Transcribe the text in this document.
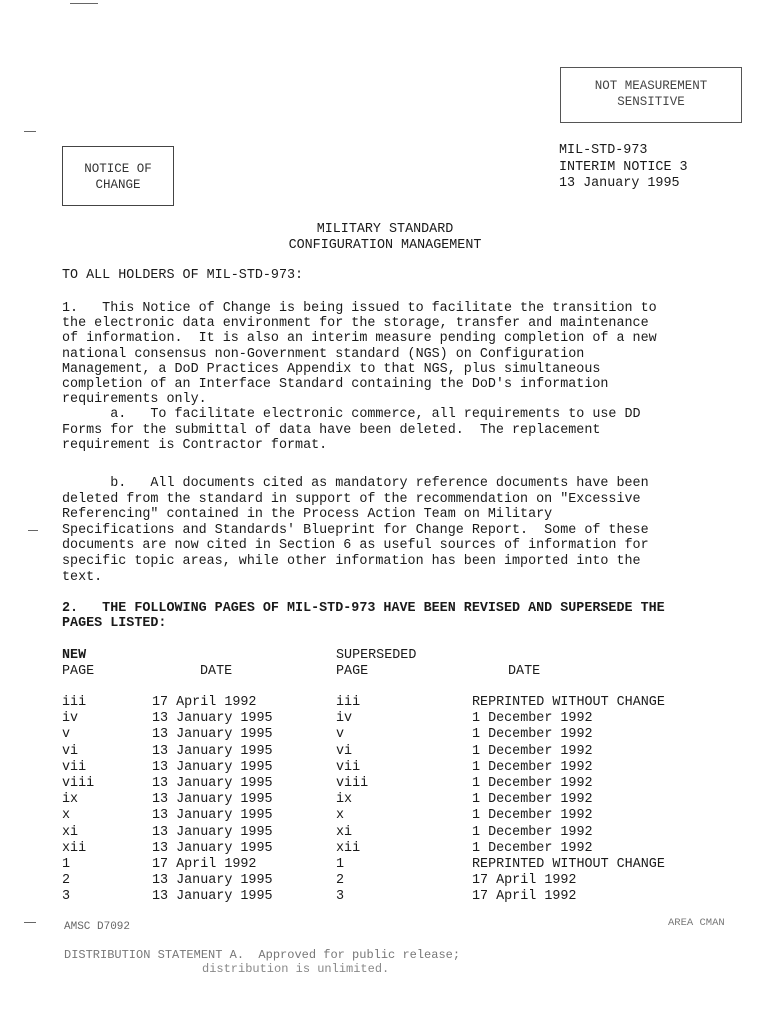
NOT MEASUREMENT
SENSITIVE
NOTICE OF
CHANGE
MIL-STD-973
INTERIM NOTICE 3
13 January 1995
MILITARY STANDARD
CONFIGURATION MANAGEMENT
TO ALL HOLDERS OF MIL-STD-973:
1.   This Notice of Change is being issued to facilitate the transition to
the electronic data environment for the storage, transfer and maintenance
of information.  It is also an interim measure pending completion of a new
national consensus non-Government standard (NGS) on Configuration
Management, a DoD Practices Appendix to that NGS, plus simultaneous
completion of an Interface Standard containing the DoD's information
requirements only.
a.   To facilitate electronic commerce, all requirements to use DD
Forms for the submittal of data have been deleted.  The replacement
requirement is Contractor format.
b.   All documents cited as mandatory reference documents have been
deleted from the standard in support of the recommendation on "Excessive
Referencing" contained in the Process Action Team on Military
Specifications and Standards' Blueprint for Change Report.  Some of these
documents are now cited in Section 6 as useful sources of information for
specific topic areas, while other information has been imported into the
text.
2.   THE FOLLOWING PAGES OF MIL-STD-973 HAVE BEEN REVISED AND SUPERSEDE THE
PAGES LISTED:
NEW
PAGE	DATE
SUPERSEDED
PAGE	DATE
iii	17 April 1992	iii	REPRINTED WITHOUT CHANGE
iv	13 January 1995	iv	1 December 1992
v	13 January 1995	v	1 December 1992
vi	13 January 1995	vi	1 December 1992
vii	13 January 1995	vii	1 December 1992
viii	13 January 1995	viii	1 December 1992
ix	13 January 1995	ix	1 December 1992
x	13 January 1995	x	1 December 1992
xi	13 January 1995	xi	1 December 1992
xii	13 January 1995	xii	1 December 1992
1	17 April 1992	1	REPRINTED WITHOUT CHANGE
2	13 January 1995	2	17 April 1992
3	13 January 1995	3	17 April 1992
AMSC D7092	AREA CMAN
DISTRIBUTION STATEMENT A.  Approved for public release;
distribution is unlimited.
